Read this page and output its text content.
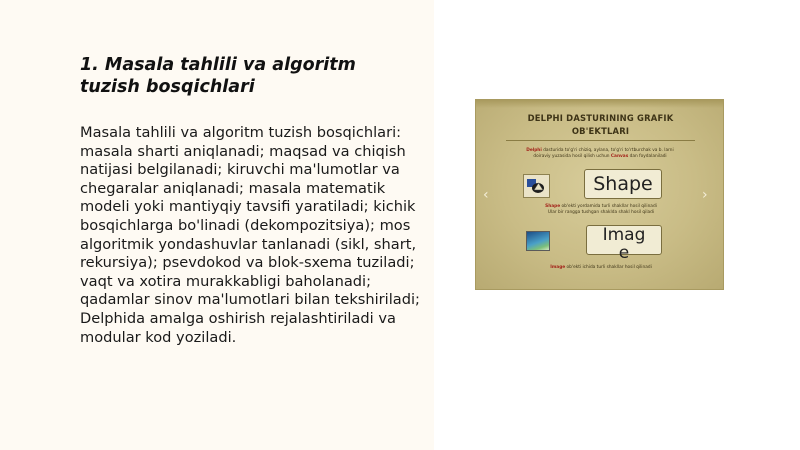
1. Masala tahlili va algoritm tuzish bosqichlari

Masala tahlili va algoritm tuzish bosqichlari: masala sharti aniqlanadi; maqsad va chiqish natijasi belgilanadi; kiruvchi ma'lumotlar va chegaralar aniqlanadi; masala matematik modeli yoki mantiyqiy tavsifi yaratiladi; kichik bosqichlarga bo'linadi (dekompozitsiya); mos algoritmik yondashuvlar tanlanadi (sikl, shart, rekursiya); psevdokod va blok-sxema tuziladi; vaqt va xotira murakkabligi baholanadi; qadamlar sinov ma'lumotlari bilan tekshiriladi; Delphida amalga oshirish rejalashtiriladi va modular kod yoziladi.

DELPHI DASTURINING GRAFIK
OB'EKTLARI
Delphi dasturida to'g'ri chiziq, aylana, to'g'ri to'rtburchak va b. larni
doiraviy yuzasida hosil qilish uchun Canvas dan foydalaniladi
‹	›
Shape
Shape ob'ekti yordamida turli shakllar hosil qilinadi
Ular bir rangga tushgan shaklda shakl hosil qiladi
Image
Image ob'ekti ichida turli shakllar hosil qilinadi
